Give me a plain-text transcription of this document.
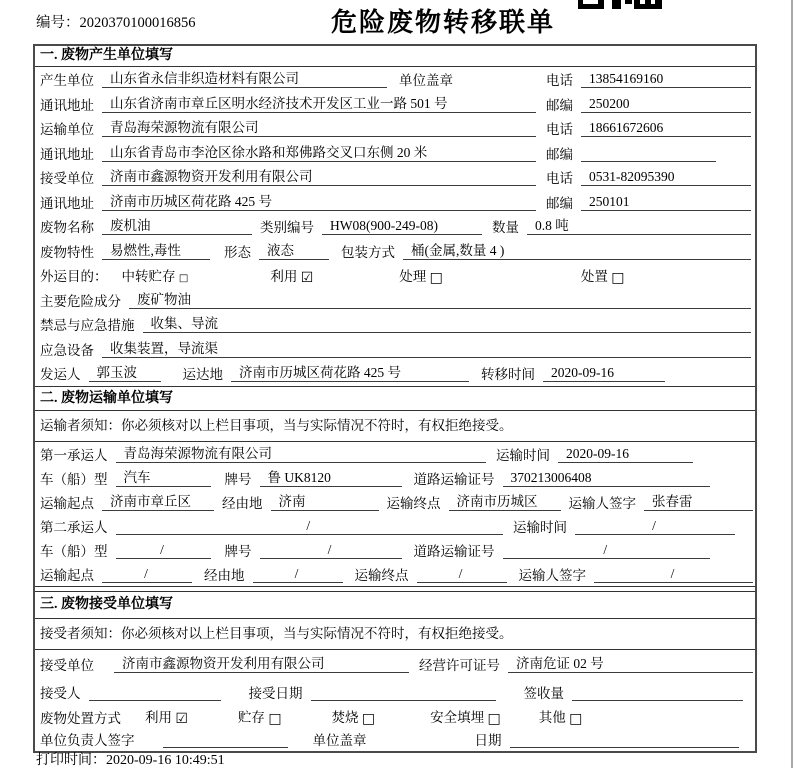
编号：2020370100016856	危险废物转移联单
一. 废物产生单位填写
产生单位	山东省永信非织造材料有限公司	单位盖章	电话	13854169160
通讯地址	山东省济南市章丘区明水经济技术开发区工业一路 501 号	邮编	250200
运输单位	青岛海荣源物流有限公司	电话	18661672606
通讯地址	山东省青岛市李沧区徐水路和郑佛路交叉口东侧 20 米	邮编
接受单位	济南市鑫源物资开发利用有限公司	电话	0531-82095390
通讯地址	济南市历城区荷花路 425 号	邮编	250101
废物名称	废机油	类别编号	HW08(900-249-08)	数量	0.8 吨
废物特性	易燃性,毒性	形态	液态	包装方式	桶(金属,数量 4 )
外运目的： 中转贮存 □	利用 ☑	处理 □	处置 □
主要危险成分	废矿物油
禁忌与应急措施	收集、导流
应急设备	收集装置，导流渠
发运人	郭玉波	运达地	济南市历城区荷花路 425 号	转移时间	2020-09-16
二. 废物运输单位填写
运输者须知：你必须核对以上栏目事项，当与实际情况不符时，有权拒绝接受。
第一承运人	青岛海荣源物流有限公司	运输时间	2020-09-16
车（船）型	汽车	牌号	鲁 UK8120	道路运输证号	370213006408
运输起点	济南市章丘区	经由地	济南	运输终点	济南市历城区	运输人签字	张春雷
第二承运人	/	运输时间	/
车（船）型	/	牌号	/	道路运输证号	/
运输起点	/	经由地	/	运输终点	/	运输人签字	/
三. 废物接受单位填写
接受者须知：你必须核对以上栏目事项，当与实际情况不符时，有权拒绝接受。
接受单位	济南市鑫源物资开发利用有限公司	经营许可证号	济南危证 02 号
接受人	接受日期	签收量
废物处置方式 利用 ☑	贮存 □	焚烧 □	安全填埋 □	其他 □
单位负责人签字	单位盖章	日期
打印时间：2020-09-16 10:49:51
